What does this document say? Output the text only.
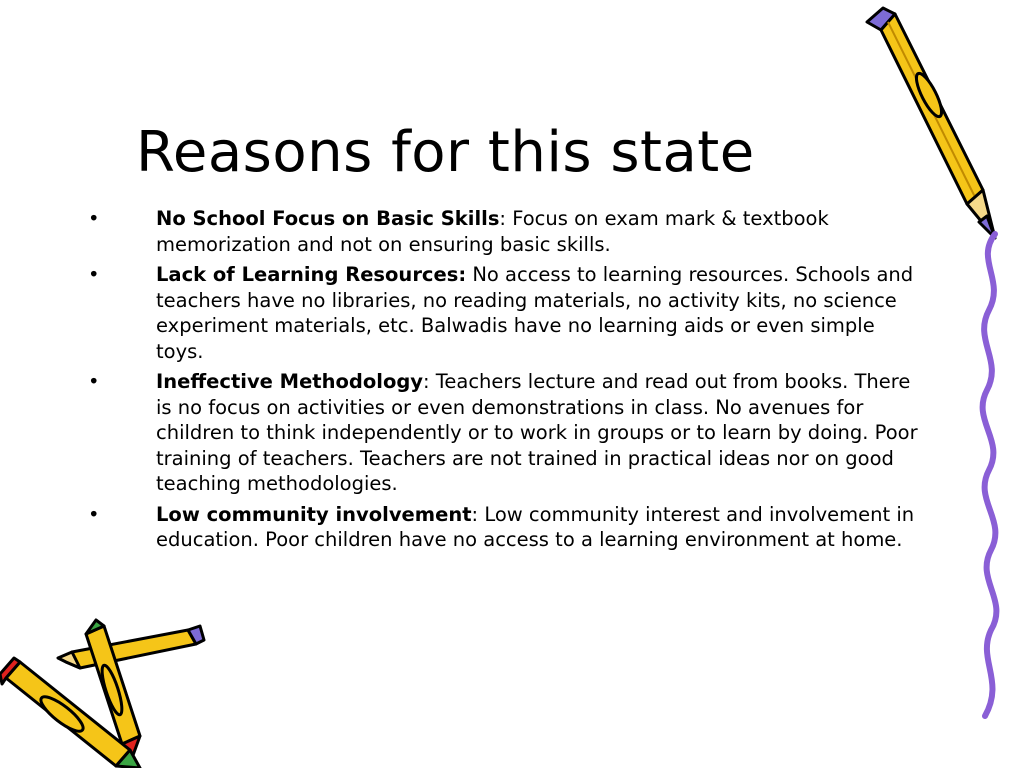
Reasons for this state
•	No School Focus on Basic Skills: Focus on exam mark & textbook memorization and not on ensuring basic skills.
•	Lack of Learning Resources: No access to learning resources. Schools and teachers have no libraries, no reading materials, no activity kits, no science experiment materials, etc. Balwadis have no learning aids or even simple toys.
•	Ineffective Methodology: Teachers lecture and read out from books. There is no focus on activities or even demonstrations in class. No avenues for children to think independently or to work in groups or to learn by doing. Poor training of teachers. Teachers are not trained in practical ideas nor on good teaching methodologies.
•	Low community involvement: Low community interest and involvement in education. Poor children have no access to a learning environment at home.
